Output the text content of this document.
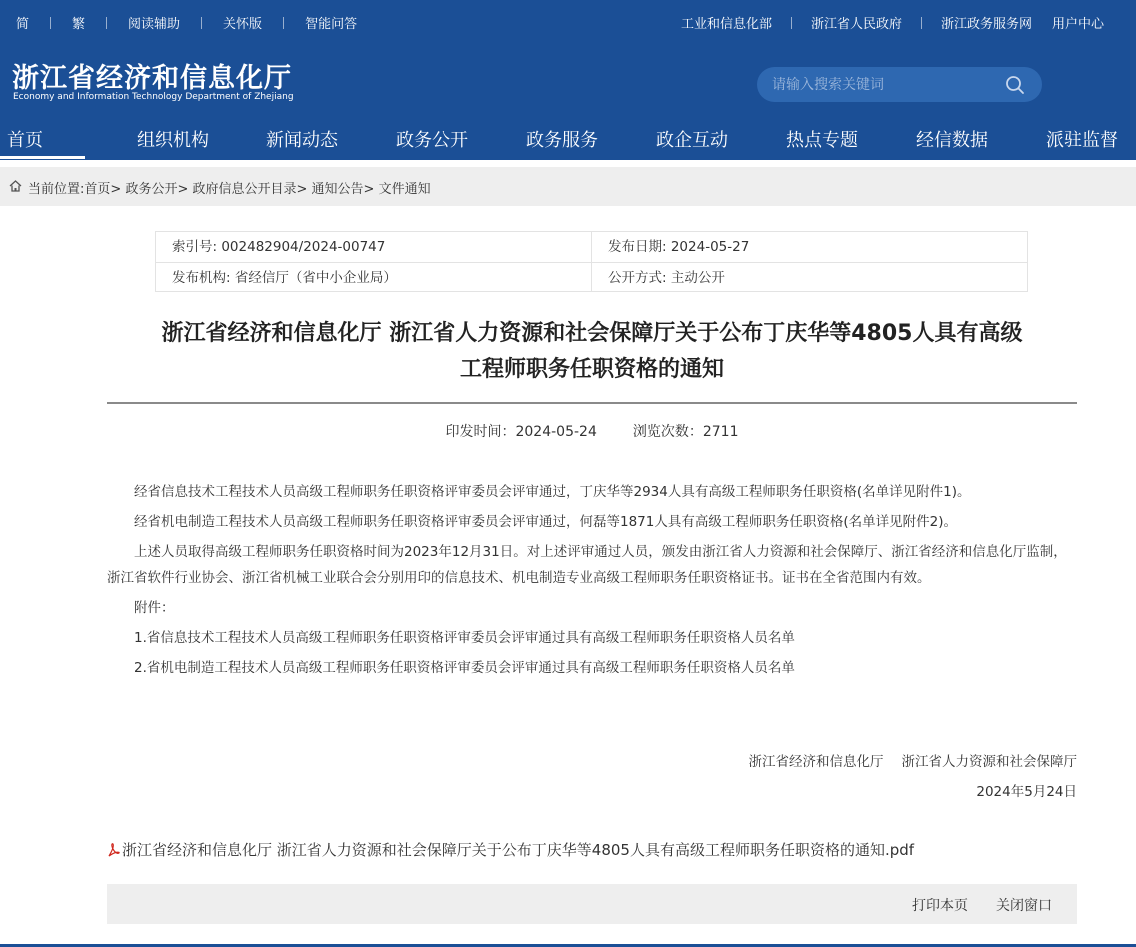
简	繁	阅读辅助	关怀版	智能问答	工业和信息化部	浙江省人民政府	浙江政务服务网 用户中心
浙江省经济和信息化厅
Economy and Information Technology Department of Zhejiang
请输入搜索关键词
首页	组织机构	新闻动态	政务公开	政务服务	政企互动	热点专题	经信数据	派驻监督
当前位置:首页> 政务公开> 政府信息公开目录> 通知公告> 文件通知
索引号: 002482904/2024-00747	发布日期: 2024-05-27
发布机构: 省经信厅（省中小企业局）	公开方式: 主动公开
浙江省经济和信息化厅 浙江省人力资源和社会保障厅关于公布丁庆华等4805人具有高级
工程师职务任职资格的通知
印发时间：2024-05-24	浏览次数：2711

经省信息技术工程技术人员高级工程师职务任职资格评审委员会评审通过，丁庆华等2934人具有高级工程师职务任职资格(名单详见附件1)。

经省机电制造工程技术人员高级工程师职务任职资格评审委员会评审通过，何磊等1871人具有高级工程师职务任职资格(名单详见附件2)。

上述人员取得高级工程师职务任职资格时间为2023年12月31日。对上述评审通过人员，颁发由浙江省人力资源和社会保障厅、浙江省经济和信息化厅监制，浙江省软件行业协会、浙江省机械工业联合会分别用印的信息技术、机电制造专业高级工程师职务任职资格证书。证书在全省范围内有效。

附件：

1.省信息技术工程技术人员高级工程师职务任职资格评审委员会评审通过具有高级工程师职务任职资格人员名单

2.省机电制造工程技术人员高级工程师职务任职资格评审委员会评审通过具有高级工程师职务任职资格人员名单

浙江省经济和信息化厅 浙江省人力资源和社会保障厅
2024年5月24日
浙江省经济和信息化厅 浙江省人力资源和社会保障厅关于公布丁庆华等4805人具有高级工程师职务任职资格的通知.pdf
打印本页 关闭窗口
